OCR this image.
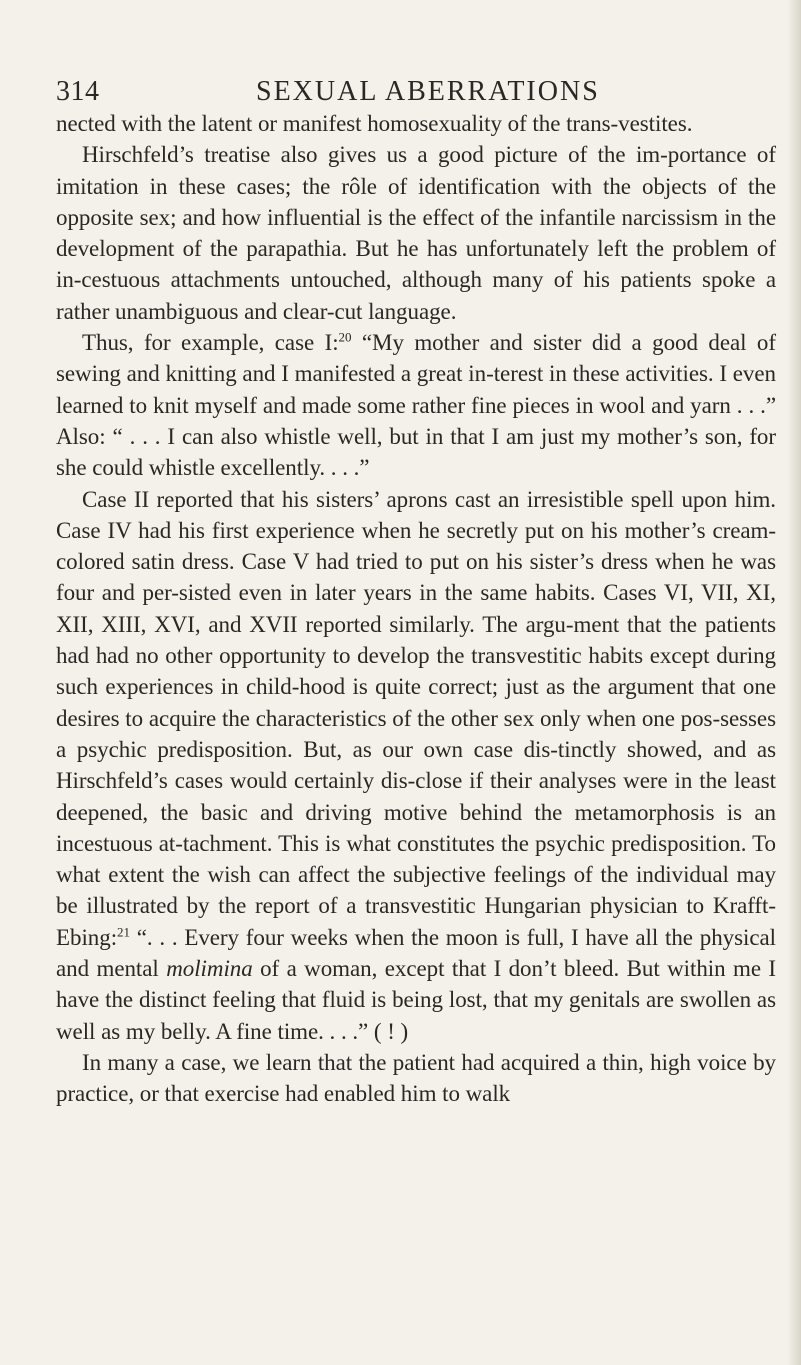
314	SEXUAL ABERRATIONS

nected with the latent or manifest homosexuality of the trans-vestites.

Hirschfeld’s treatise also gives us a good picture of the im-portance of imitation in these cases; the rôle of identification with the objects of the opposite sex; and how influential is the effect of the infantile narcissism in the development of the parapathia. But he has unfortunately left the problem of in-cestuous attachments untouched, although many of his patients spoke a rather unambiguous and clear-cut language.

Thus, for example, case I:$^{20}$ “My mother and sister did a good deal of sewing and knitting and I manifested a great in-terest in these activities. I even learned to knit myself and made some rather fine pieces in wool and yarn . . .” Also: “ . . . I can also whistle well, but in that I am just my mother’s son, for she could whistle excellently. . . .”

Case II reported that his sisters’ aprons cast an irresistible spell upon him. Case IV had his first experience when he secretly put on his mother’s cream-colored satin dress. Case V had tried to put on his sister’s dress when he was four and per-sisted even in later years in the same habits. Cases VI, VII, XI, XII, XIII, XVI, and XVII reported similarly. The argu-ment that the patients had had no other opportunity to develop the transvestitic habits except during such experiences in child-hood is quite correct; just as the argument that one desires to acquire the characteristics of the other sex only when one pos-sesses a psychic predisposition. But, as our own case dis-tinctly showed, and as Hirschfeld’s cases would certainly dis-close if their analyses were in the least deepened, the basic and driving motive behind the metamorphosis is an incestuous at-tachment. This is what constitutes the psychic predisposition. To what extent the wish can affect the subjective feelings of the individual may be illustrated by the report of a transvestitic Hungarian physician to Krafft-Ebing:$^{21}$ “. . . Every four weeks when the moon is full, I have all the physical and mental molimina of a woman, except that I don’t bleed. But within me I have the distinct feeling that fluid is being lost, that my genitals are swollen as well as my belly. A fine time. . . .” ( ! )

In many a case, we learn that the patient had acquired a thin, high voice by practice, or that exercise had enabled him to walk
